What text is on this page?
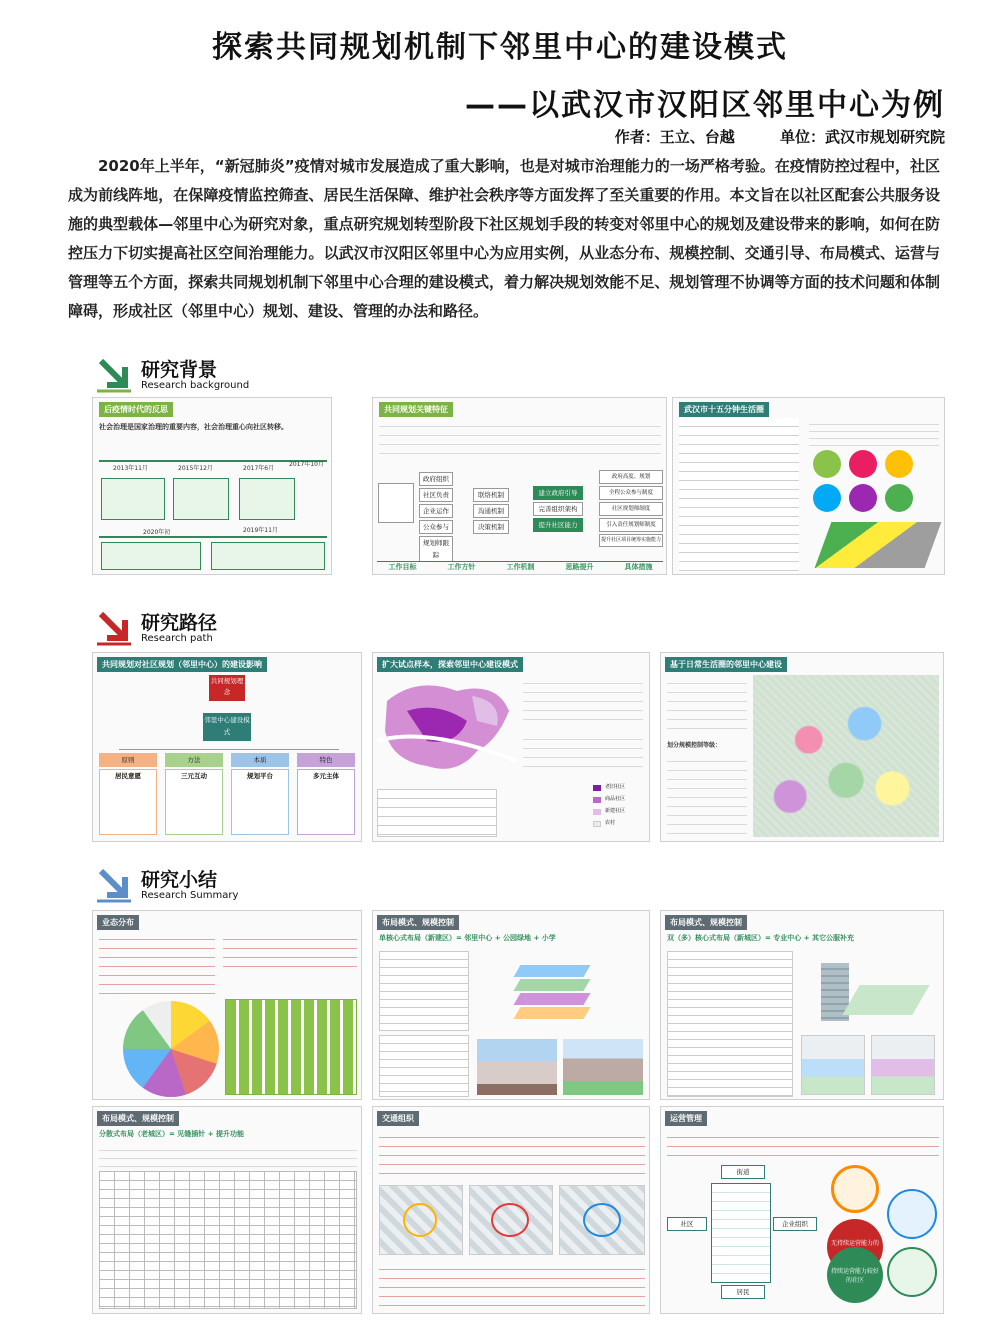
探索共同规划机制下邻里中心的建设模式
——以武汉市汉阳区邻里中心为例
作者：王立、台越	单位：武汉市规划研究院
2020年上半年，“新冠肺炎”疫情对城市发展造成了重大影响，也是对城市治理能力的一场严格考验。在疫情防控过程中，社区成为前线阵地，在保障疫情监控筛查、居民生活保障、维护社会秩序等方面发挥了至关重要的作用。本文旨在以社区配套公共服务设施的典型载体—邻里中心为研究对象，重点研究规划转型阶段下社区规划手段的转变对邻里中心的规划及建设带来的影响，如何在防控压力下切实提高社区空间治理能力。以武汉市汉阳区邻里中心为应用实例，从业态分布、规模控制、交通引导、布局模式、运营与管理等五个方面，探索共同规划机制下邻里中心合理的建设模式，着力解决规划效能不足、规划管理不协调等方面的技术问题和体制障碍，形成社区（邻里中心）规划、建设、管理的办法和路径。
研究背景
Research background
后疫情时代的反思
社会治理是国家治理的重要内容，社会治理重心向社区转移。
2013年11月	2015年12月	2017年6月
2017年10月
2019年11月
2020年初
共同规划关键特征
政府组织
社区负责
企业运作
公众参与
规划师跟踪
联络机制
沟通机制
决策机制
建立政府引导
完善组织架构
提升社区能力
政府高度、规划
全程公众参与制度
社区规划师制度
引入责任规划师制度
提升社区项目统筹实施能力
工作目标	工作方针	工作机制	思路提升	具体措施
武汉市十五分钟生活圈
研究路径
Research path
共同规划对社区规划（邻里中心）的建设影响
共同规划理念
邻里中心建设模式
原则	方法	本质	特色
居民意愿	三元互动	规划平台	多元主体
扩大试点样本，探索邻里中心建设模式
老旧社区
商品社区
新建社区
农村
基于日常生活圈的邻里中心建设
划分规模控制等级：
研究小结
Research Summary
业态分布	布局模式、规模控制
单核心式布局（新建区）= 邻里中心 + 公园绿地 + 小学
布局模式、规模控制
双（多）核心式布局（新城区）= 专业中心 + 其它公服补充
布局模式、规模控制
分散式布局（老城区）= 见缝插针 + 提升功能
交通组织	运营管理
街道
社区
居民
企业组织
无持续运营能力的
持续运营能力较好的社区
